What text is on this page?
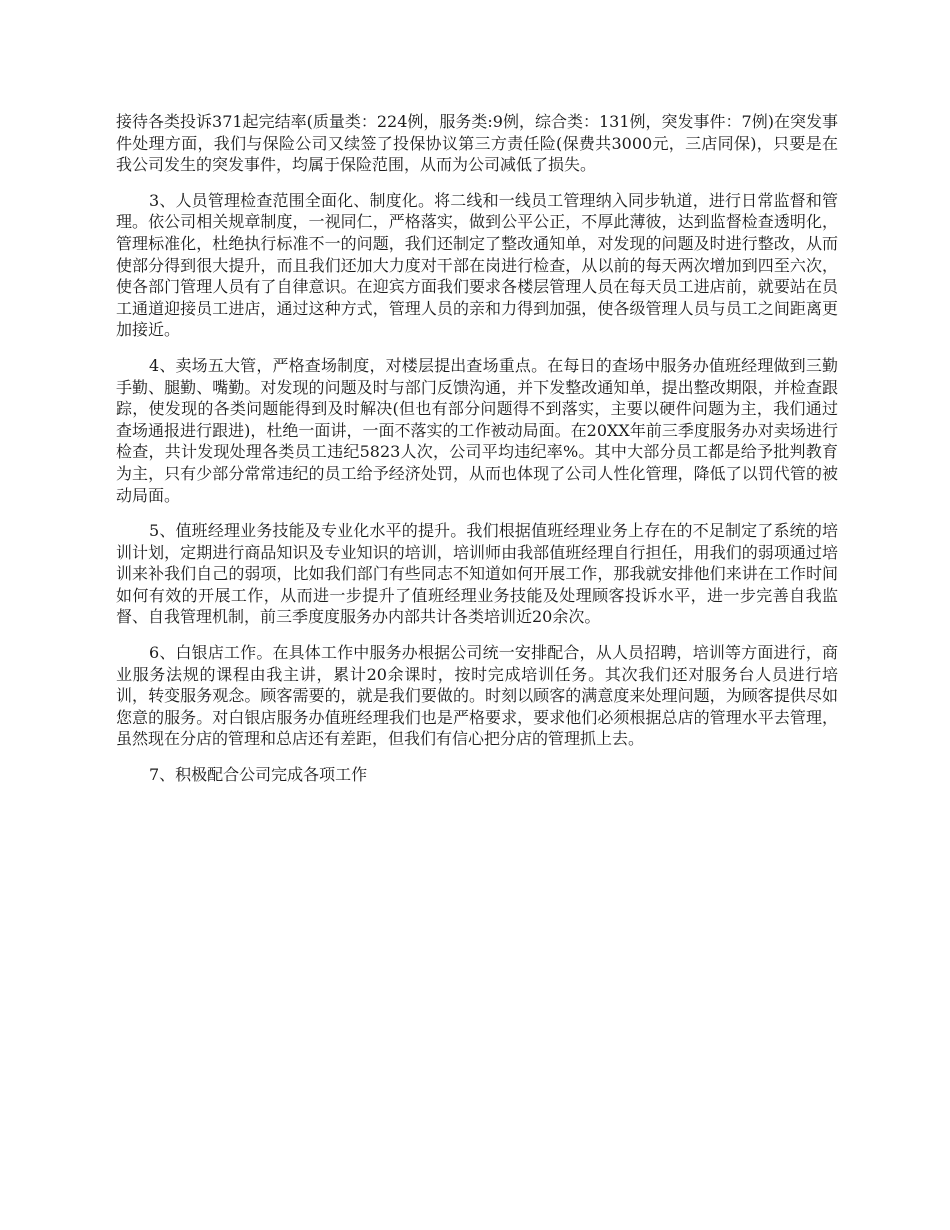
接待各类投诉371起完结率(质量类：224例，服务类:9例，综合类：131例，突发事件：7例)在突发事件处理方面，我们与保险公司又续签了投保协议第三方责任险(保费共3000元，三店同保)，只要是在我公司发生的突发事件，均属于保险范围，从而为公司减低了损失。

3、人员管理检查范围全面化、制度化。将二线和一线员工管理纳入同步轨道，进行日常监督和管理。依公司相关规章制度，一视同仁，严格落实，做到公平公正，不厚此薄彼，达到监督检查透明化，管理标准化，杜绝执行标准不一的问题，我们还制定了整改通知单，对发现的问题及时进行整改，从而使部分得到很大提升，而且我们还加大力度对干部在岗进行检查，从以前的每天两次增加到四至六次，使各部门管理人员有了自律意识。在迎宾方面我们要求各楼层管理人员在每天员工进店前，就要站在员工通道迎接员工进店，通过这种方式，管理人员的亲和力得到加强，使各级管理人员与员工之间距离更加接近。

4、卖场五大管，严格查场制度，对楼层提出查场重点。在每日的查场中服务办值班经理做到三勤手勤、腿勤、嘴勤。对发现的问题及时与部门反馈沟通，并下发整改通知单，提出整改期限，并检查跟踪，使发现的各类问题能得到及时解决(但也有部分问题得不到落实，主要以硬件问题为主，我们通过查场通报进行跟进)，杜绝一面讲，一面不落实的工作被动局面。在20XX年前三季度服务办对卖场进行检查，共计发现处理各类员工违纪5823人次，公司平均违纪率%。其中大部分员工都是给予批判教育为主，只有少部分常常违纪的员工给予经济处罚，从而也体现了公司人性化管理，降低了以罚代管的被动局面。

5、值班经理业务技能及专业化水平的提升。我们根据值班经理业务上存在的不足制定了系统的培训计划，定期进行商品知识及专业知识的培训，培训师由我部值班经理自行担任，用我们的弱项通过培训来补我们自己的弱项，比如我们部门有些同志不知道如何开展工作，那我就安排他们来讲在工作时间如何有效的开展工作，从而进一步提升了值班经理业务技能及处理顾客投诉水平，进一步完善自我监督、自我管理机制，前三季度度服务办内部共计各类培训近20余次。

6、白银店工作。在具体工作中服务办根据公司统一安排配合，从人员招聘，培训等方面进行，商业服务法规的课程由我主讲，累计20余课时，按时完成培训任务。其次我们还对服务台人员进行培训，转变服务观念。顾客需要的，就是我们要做的。时刻以顾客的满意度来处理问题，为顾客提供尽如您意的服务。对白银店服务办值班经理我们也是严格要求，要求他们必须根据总店的管理水平去管理，虽然现在分店的管理和总店还有差距，但我们有信心把分店的管理抓上去。

7、积极配合公司完成各项工作
